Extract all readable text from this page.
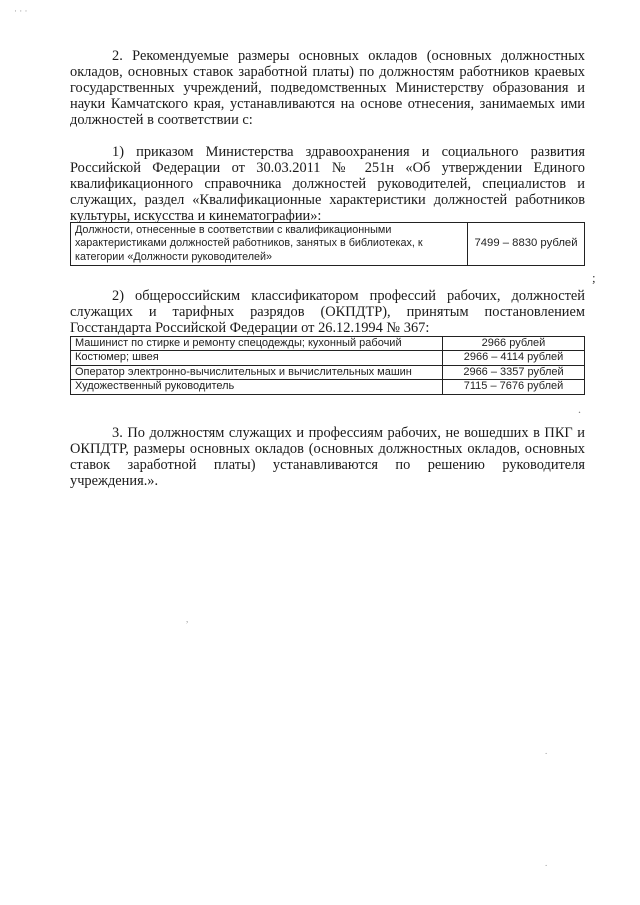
· · ·

2. Рекомендуемые размеры основных окладов (основных должностных окладов, основных ставок заработной платы) по должностям работников краевых государственных учреждений, подведомственных Министерству образования и науки Камчатского края, устанавливаются на основе отнесения, занимаемых ими должностей в соответствии с:

1) приказом Министерства здравоохранения и социального развития Российской Федерации от 30.03.2011 № 251н «Об утверждении Единого квалификационного справочника должностей руководителей, специалистов и служащих, раздел «Квалификационные характеристики должностей работников культуры, искусства и кинематографии»:

Должности, отнесенные в соответствии с квалификационными характеристиками должностей работников, занятых в библиотеках, к категории «Должности руководителей»	7499 – 8830 рублей
;

2) общероссийским классификатором профессий рабочих, должностей служащих и тарифных разрядов (ОКПДТР), принятым постановлением Госстандарта Российской Федерации от 26.12.1994 № 367:

Машинист по стирке и ремонту спецодежды; кухонный рабочий	2966 рублей
Костюмер; швея	2966 – 4114 рублей
Оператор электронно-вычислительных и вычислительных машин	2966 – 3357 рублей
Художественный руководитель	7115 – 7676 рублей
.

3. По должностям служащих и профессиям рабочих, не вошедших в ПКГ и ОКПДТР, размеры основных окладов (основных должностных окладов, основных ставок заработной платы) устанавливаются по решению руководителя учреждения.».

,
.
.
